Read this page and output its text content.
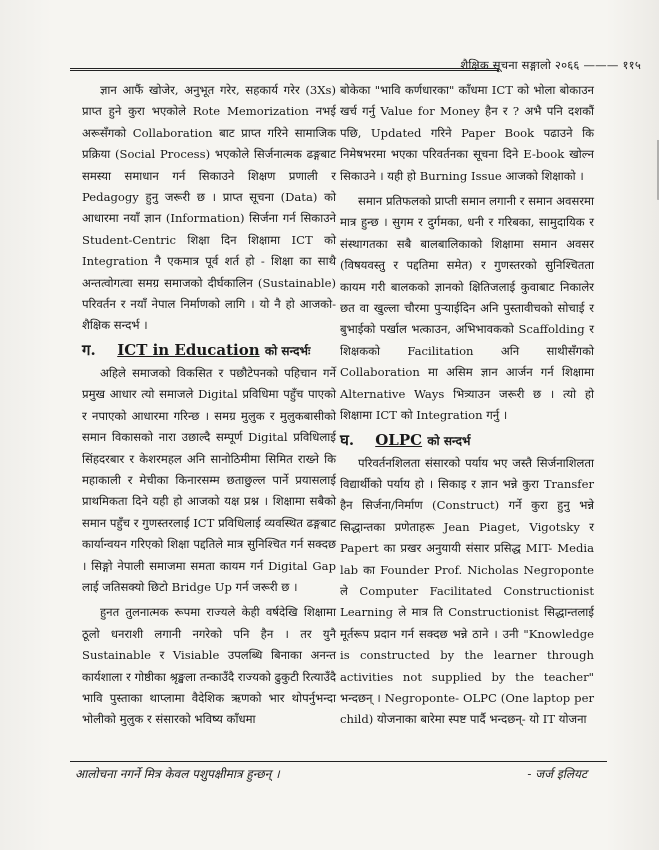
शैक्षिक सूचना सङ्गालो २०६६ ——— ११५

ज्ञान आफैं खोजेर, अनुभूत गरेर, सहकार्य गरेर (3Xs) प्राप्त हुने कुरा भएकोले Rote Memorization नभई अरूसँगको Collaboration बाट प्राप्त गरिने सामाजिक प्रक्रिया (Social Process) भएकोले सिर्जनात्मक ढङ्गबाट समस्या समाधान गर्न सिकाउने शिक्षण प्रणाली र Pedagogy हुनु जरूरी छ । प्राप्त सूचना (Data) को आधारमा नयाँ ज्ञान (Information) सिर्जना गर्न सिकाउने Student-Centric शिक्षा दिन शिक्षामा ICT को Integration नै एकमात्र पूर्व शर्त हो - शिक्षा का साथै अन्तत्वोगत्वा समग्र समाजको दीर्घकालिन (Sustainable) परिवर्तन र नयाँ नेपाल निर्माणको लागि । यो नै हो आजको-शैक्षिक सन्दर्भ ।

ग. ICT in Education को सन्दर्भः

अहिले समाजको विकसित र पछौटेपनको पहिचान गर्ने प्रमुख आधार त्यो समाजले Digital प्रविधिमा पहुँच पाएको र नपाएको आधारमा गरिन्छ । समग्र मुलुक र मुलुकबासीको समान विकासको नारा उछाल्दै सम्पूर्ण Digital प्रविधिलाई सिंहदरबार र केशरमहल अनि सानोठिमीमा सिमित राख्ने कि महाकाली र मेचीका किनारसम्म छताछुल्ल पार्ने प्रयासलाई प्राथमिकता दिने यही हो आजको यक्ष प्रश्न । शिक्षामा सबैको समान पहुँच र गुणस्तरलाई ICT प्रविधिलाई व्यवस्थित ढङ्गबाट कार्यान्वयन गरिएको शिक्षा पद्दतिले मात्र सुनिश्चित गर्न सक्दछ । सिङ्गो नेपाली समाजमा समता कायम गर्न Digital Gap लाई जतिसक्यो छिटो Bridge Up गर्न जरूरी छ ।

हुनत तुलनात्मक रूपमा राज्यले केही वर्षदेखि शिक्षामा ठूलो धनराशी लगानी नगरेको पनि हैन । तर युनै Sustainable र Visiable उपलब्धि बिनाका अनन्त कार्यशाला र गोष्ठीका श्रृङ्खला तन्काउँदै राज्यको ढुकुटी रित्याउँदै भावि पुस्ताका थाप्लामा वैदेशिक ऋणको भार थोपर्नुभन्दा भोलीको मुलुक र संसारको भविष्य काँधमा

बोकेका "भावि कर्णधारका" काँधमा ICT को भोला बोकाउन खर्च गर्नु Value for Money हैन र ? अभै पनि दशकौं पछि, Updated गरिने Paper Book पढाउने कि निमेषभरमा भएका परिवर्तनका सूचना दिने E-book खोल्न सिकाउने । यही हो Burning Issue आजको शिक्षाको ।

समान प्रतिफलको प्राप्ती समान लगानी र समान अवसरमा मात्र हुन्छ । सुगम र दुर्गमका, धनी र गरिबका, सामुदायिक र संस्थागतका सबै बालबालिकाको शिक्षामा समान अवसर (विषयवस्तु र पद्दतिमा समेत) र गुणस्तरको सुनिश्चितता कायम गरी बालकको ज्ञानको क्षितिजलाई कुवाबाट निकालेर छत वा खुल्ला चौरमा पुऱ्याईदिन अनि पुस्तावीचको सोचाई र बुभाईको पर्खाल भत्काउन, अभिभावककाे Scaffolding र शिक्षककाे Facilitation अनि साथीसँगको Collaboration मा असिम ज्ञान आर्जन गर्न शिक्षामा Alternative Ways भित्र्याउन जरूरी छ । त्यो हो शिक्षामा ICT को Integration गर्नु ।

घ. OLPC को सन्दर्भ

परिवर्तनशिलता संसारको पर्याय भए जस्तै सिर्जनाशिलता विद्यार्थीको पर्याय हो । सिकाइ र ज्ञान भन्ने कुरा Transfer हैन सिर्जना/निर्माण (Construct) गर्ने कुरा हुनु भन्ने सिद्धान्तका प्रणेताहरू Jean Piaget, Vigotsky र Papert का प्रखर अनुयायी संसार प्रसिद्ध MIT- Media lab का Founder Prof. Nicholas Negroponte ले Computer Facilitated Constructionist Learning ले मात्र ति Constructionist सिद्धान्तलाई मूर्तरूप प्रदान गर्न सक्दछ भन्ने ठाने । उनी "Knowledge is constructed by the learner through activities not supplied by the teacher" भन्दछन् । Negroponte- OLPC (One laptop per child) योजनाका बारेमा स्पष्ट पार्दै भन्दछन्- यो IT योजना

आलोचना नगर्ने मित्र केवल पशुपक्षीमात्र हुन्छन् ।	- जर्ज इलियट
